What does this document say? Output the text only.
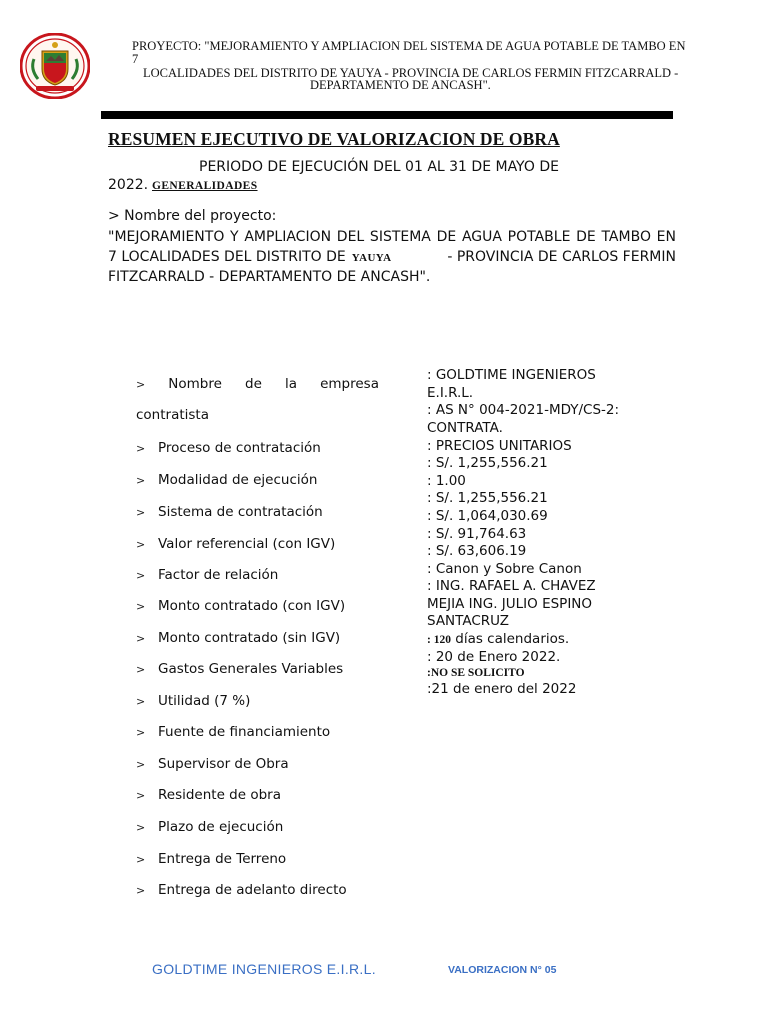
PROYECTO: "MEJORAMIENTO Y AMPLIACION DEL SISTEMA DE AGUA POTABLE DE TAMBO EN
7
LOCALIDADES DEL DISTRITO DE YAUYA - PROVINCIA DE CARLOS FERMIN FITZCARRALD -
DEPARTAMENTO DE ANCASH".
RESUMEN EJECUTIVO DE VALORIZACION DE OBRA
PERIODO DE EJECUCIÓN DEL 01 AL 31 DE MAYO DE
2022. GENERALIDADES
> Nombre del proyecto:
"MEJORAMIENTO Y AMPLIACION DEL SISTEMA DE AGUA POTABLE DE TAMBO EN
7 LOCALIDADES DEL DISTRITO DE YAUYA	- PROVINCIA DE CARLOS FERMIN
FITZCARRALD - DEPARTAMENTO DE ANCASH".
> Nombre de la empresa
contratista
> Proceso de contratación
> Modalidad de ejecución
> Sistema de contratación
> Valor referencial (con IGV)
> Factor de relación
> Monto contratado (con IGV)
> Monto contratado (sin IGV)
> Gastos Generales Variables
> Utilidad (7 %)
> Fuente de financiamiento
> Supervisor de Obra
> Residente de obra
> Plazo de ejecución
> Entrega de Terreno
> Entrega de adelanto directo
: GOLDTIME INGENIEROS
E.I.R.L.
: AS N° 004-2021-MDY/CS-2:
CONTRATA.
: PRECIOS UNITARIOS
: S/. 1,255,556.21
: 1.00
: S/. 1,255,556.21
: S/. 1,064,030.69
: S/. 91,764.63
: S/. 63,606.19
: Canon y Sobre Canon
: ING. RAFAEL A. CHAVEZ
MEJIA ING. JULIO ESPINO
SANTACRUZ
: 120 días calendarios.
: 20 de Enero 2022.
:NO SE SOLICITO
:21 de enero del 2022
GOLDTIME INGENIEROS E.I.R.L.	VALORIZACION N° 05
